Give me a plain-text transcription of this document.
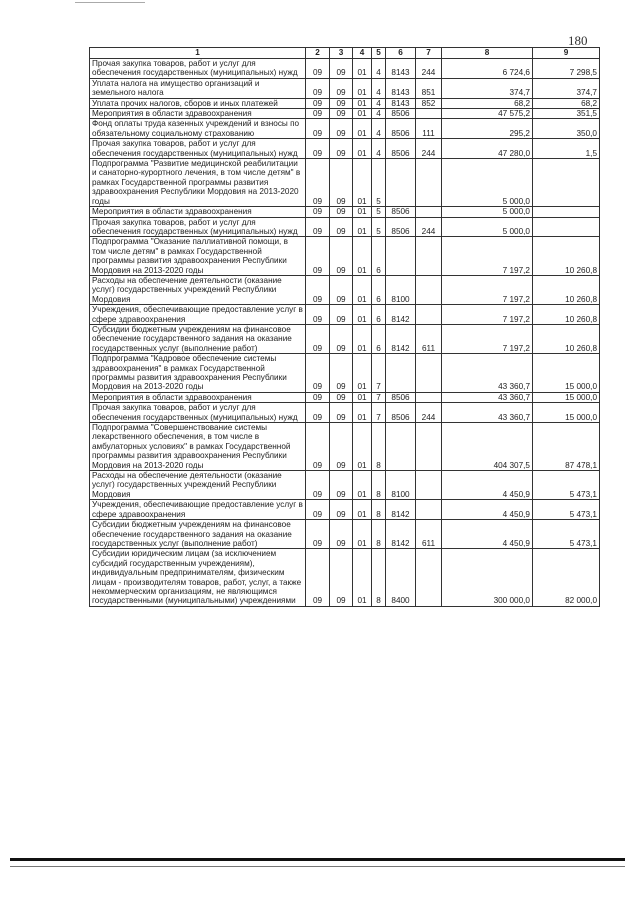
180
1	2	3	4	5	6	7	8	9
Прочая закупка товаров, работ и услуг для обеспечения государственных (муниципальных) нужд	09	09	01	4	8143	244	6 724,6	7 298,5
Уплата налога на имущество организаций и земельного налога	09	09	01	4	8143	851	374,7	374,7
Уплата прочих налогов, сборов и иных платежей	09	09	01	4	8143	852	68,2	68,2
Мероприятия в области здравоохранения	09	09	01	4	8506		47 575,2	351,5
Фонд оплаты труда казенных учреждений и взносы по обязательному социальному страхованию	09	09	01	4	8506	111	295,2	350,0
Прочая закупка товаров, работ и услуг для обеспечения государственных (муниципальных) нужд	09	09	01	4	8506	244	47 280,0	1,5
Подпрограмма "Развитие медицинской реабилитации и санаторно-курортного лечения, в том числе детям" в рамках Государственной программы развития здравоохранения Республики Мордовия на 2013-2020 годы	09	09	01	5			5 000,0	
Мероприятия в области здравоохранения	09	09	01	5	8506		5 000,0	
Прочая закупка товаров, работ и услуг для обеспечения государственных (муниципальных) нужд	09	09	01	5	8506	244	5 000,0	
Подпрограмма "Оказание паллиативной помощи, в том числе детям" в рамках Государственной программы развития здравоохранения Республики Мордовия на 2013-2020 годы	09	09	01	6			7 197,2	10 260,8
Расходы на обеспечение деятельности (оказание услуг) государственных учреждений Республики Мордовия	09	09	01	6	8100		7 197,2	10 260,8
Учреждения, обеспечивающие предоставление услуг в сфере здравоохранения	09	09	01	6	8142		7 197,2	10 260,8
Субсидии бюджетным учреждениям на финансовое обеспечение государственного задания на оказание государственных услуг (выполнение работ)	09	09	01	6	8142	611	7 197,2	10 260,8
Подпрограмма "Кадровое обеспечение системы здравоохранения" в рамках Государственной программы развития здравоохранения Республики Мордовия на 2013-2020 годы	09	09	01	7			43 360,7	15 000,0
Мероприятия в области здравоохранения	09	09	01	7	8506		43 360,7	15 000,0
Прочая закупка товаров, работ и услуг для обеспечения государственных (муниципальных) нужд	09	09	01	7	8506	244	43 360,7	15 000,0
Подпрограмма "Совершенствование системы лекарственного обеспечения, в том числе в амбулаторных условиях" в рамках Государственной программы развития здравоохранения Республики Мордовия на 2013-2020 годы	09	09	01	8			404 307,5	87 478,1
Расходы на обеспечение деятельности (оказание услуг) государственных учреждений Республики Мордовия	09	09	01	8	8100		4 450,9	5 473,1
Учреждения, обеспечивающие предоставление услуг в сфере здравоохранения	09	09	01	8	8142		4 450,9	5 473,1
Субсидии бюджетным учреждениям на финансовое обеспечение государственного задания на оказание государственных услуг (выполнение работ)	09	09	01	8	8142	611	4 450,9	5 473,1
Субсидии юридическим лицам (за исключением субсидий государственным учреждениям), индивидуальным предпринимателям, физическим лицам - производителям товаров, работ, услуг, а также некоммерческим организациям, не являющимся государственными (муниципальными) учреждениями	09	09	01	8	8400		300 000,0	82 000,0
